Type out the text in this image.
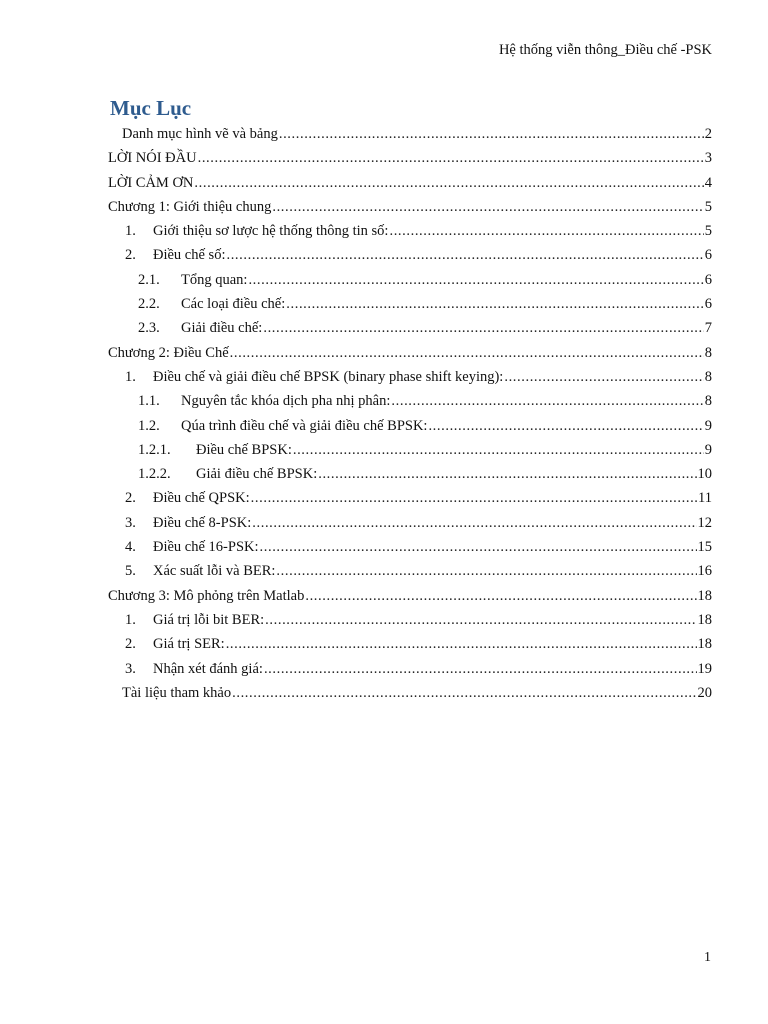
Hệ thống viễn thông_Điều chế -PSK
Mục Lục
Danh mục hình vẽ và bảng .....	2
LỜI NÓI ĐẦU .....	3
LỜI CẢM ƠN .....	4
Chương 1: Giới thiệu chung .....	5
1.	Giới thiệu sơ lược hệ thống thông tin số: .....	5
2.	Điều chế số: .....	6
2.1.	Tổng quan: .....	6
2.2.	Các loại điều chế: .....	6
2.3.	Giải điều chế: .....	7
Chương 2: Điều Chế .....	8
1.	Điều chế và giải điều chế BPSK (binary phase shift keying): .....	8
1.1.	Nguyên tắc khóa dịch pha nhị phân: .....	8
1.2.	Qúa trình điều chế và giải điều chế BPSK: .....	9
1.2.1.	Điều chế BPSK: .....	9
1.2.2.	Giải điều chế BPSK: .....	10
2.	Điều chế QPSK: .....	11
3.	Điều chế 8-PSK: .....	12
4.	Điều chế 16-PSK: .....	15
5.	Xác suất lỗi và BER: .....	16
Chương 3: Mô phỏng trên Matlab .....	18
1.	Giá trị lỗi bit BER: .....	18
2.	Giá trị SER: .....	18
3.	Nhận xét đánh giá: .....	19
Tài liệu tham khảo .....	20
1
